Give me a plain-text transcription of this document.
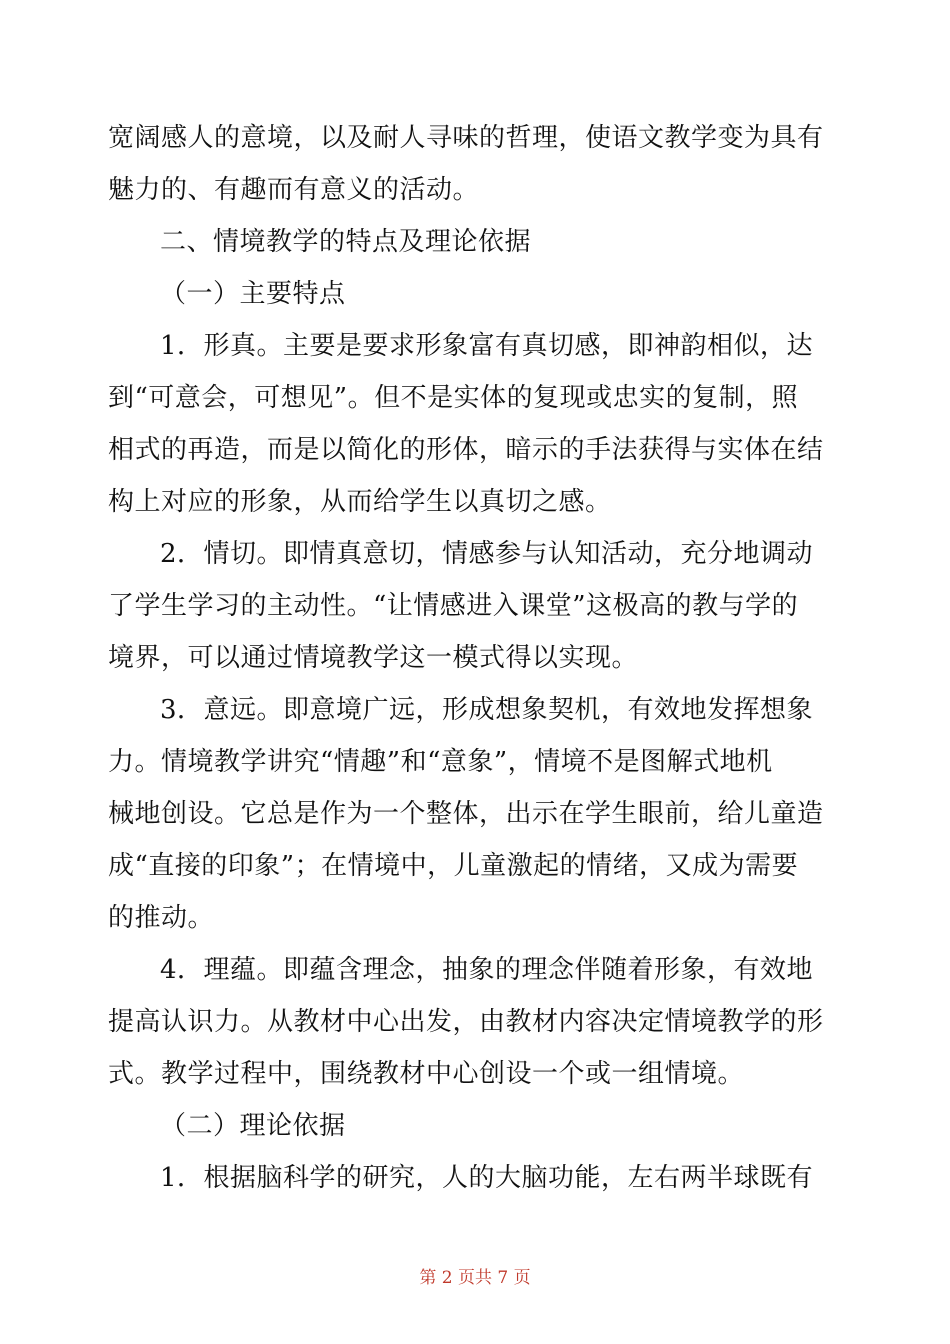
宽阔感人的意境，以及耐人寻味的哲理，使语文教学变为具有
魅力的、有趣而有意义的活动。
二、情境教学的特点及理论依据
（一）主要特点
1．形真。主要是要求形象富有真切感，即神韵相似，达
到“可意会，可想见”。但不是实体的复现或忠实的复制，照
相式的再造，而是以简化的形体，暗示的手法获得与实体在结
构上对应的形象，从而给学生以真切之感。
2．情切。即情真意切，情感参与认知活动，充分地调动
了学生学习的主动性。“让情感进入课堂”这极高的教与学的
境界，可以通过情境教学这一模式得以实现。
3．意远。即意境广远，形成想象契机，有效地发挥想象
力。情境教学讲究“情趣”和“意象”，情境不是图解式地机
械地创设。它总是作为一个整体，出示在学生眼前，给儿童造
成“直接的印象”；在情境中，儿童激起的情绪，又成为需要
的推动。
4．理蕴。即蕴含理念，抽象的理念伴随着形象，有效地
提高认识力。从教材中心出发，由教材内容决定情境教学的形
式。教学过程中，围绕教材中心创设一个或一组情境。
（二）理论依据
1．根据脑科学的研究，人的大脑功能，左右两半球既有
第 2 页共 7 页
